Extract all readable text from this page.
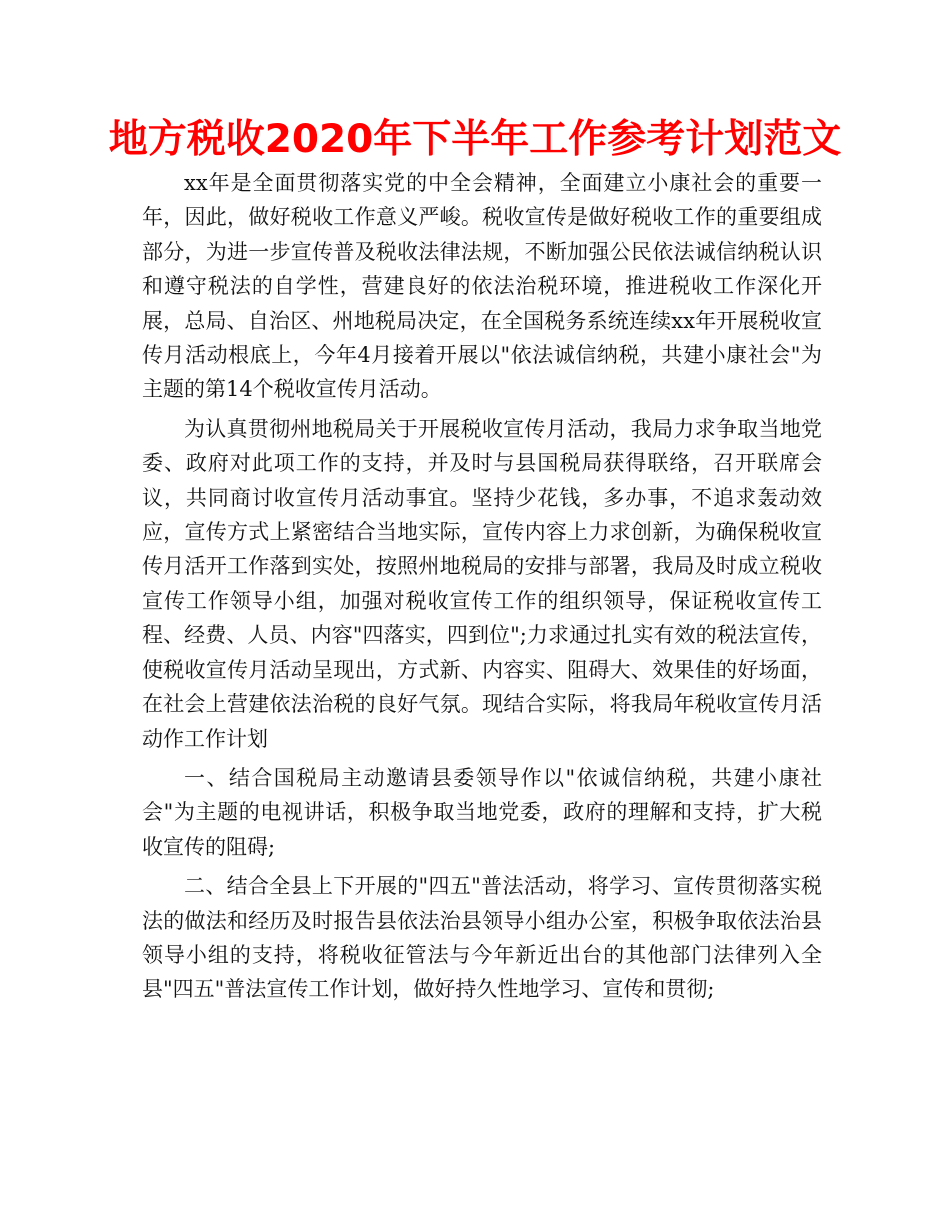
地方税收2020年下半年工作参考计划范文

xx年是全面贯彻落实党的中全会精神，全面建立小康社会的重要一年，因此，做好税收工作意义严峻。税收宣传是做好税收工作的重要组成部分，为进一步宣传普及税收法律法规，不断加强公民依法诚信纳税认识和遵守税法的自学性，营建良好的依法治税环境，推进税收工作深化开展，总局、自治区、州地税局决定，在全国税务系统连续xx年开展税收宣传月活动根底上，今年4月接着开展以"依法诚信纳税，共建小康社会"为主题的第14个税收宣传月活动。

为认真贯彻州地税局关于开展税收宣传月活动，我局力求争取当地党委、政府对此项工作的支持，并及时与县国税局获得联络，召开联席会议，共同商讨收宣传月活动事宜。坚持少花钱，多办事，不追求轰动效应，宣传方式上紧密结合当地实际，宣传内容上力求创新，为确保税收宣传月活开工作落到实处，按照州地税局的安排与部署，我局及时成立税收宣传工作领导小组，加强对税收宣传工作的组织领导，保证税收宣传工程、经费、人员、内容"四落实，四到位";力求通过扎实有效的税法宣传，使税收宣传月活动呈现出，方式新、内容实、阻碍大、效果佳的好场面，在社会上营建依法治税的良好气氛。现结合实际，将我局年税收宣传月活动作工作计划

一、结合国税局主动邀请县委领导作以"依诚信纳税，共建小康社会"为主题的电视讲话，积极争取当地党委，政府的理解和支持，扩大税收宣传的阻碍;

二、结合全县上下开展的"四五"普法活动，将学习、宣传贯彻落实税法的做法和经历及时报告县依法治县领导小组办公室，积极争取依法治县领导小组的支持，将税收征管法与今年新近出台的其他部门法律列入全县"四五"普法宣传工作计划，做好持久性地学习、宣传和贯彻;
